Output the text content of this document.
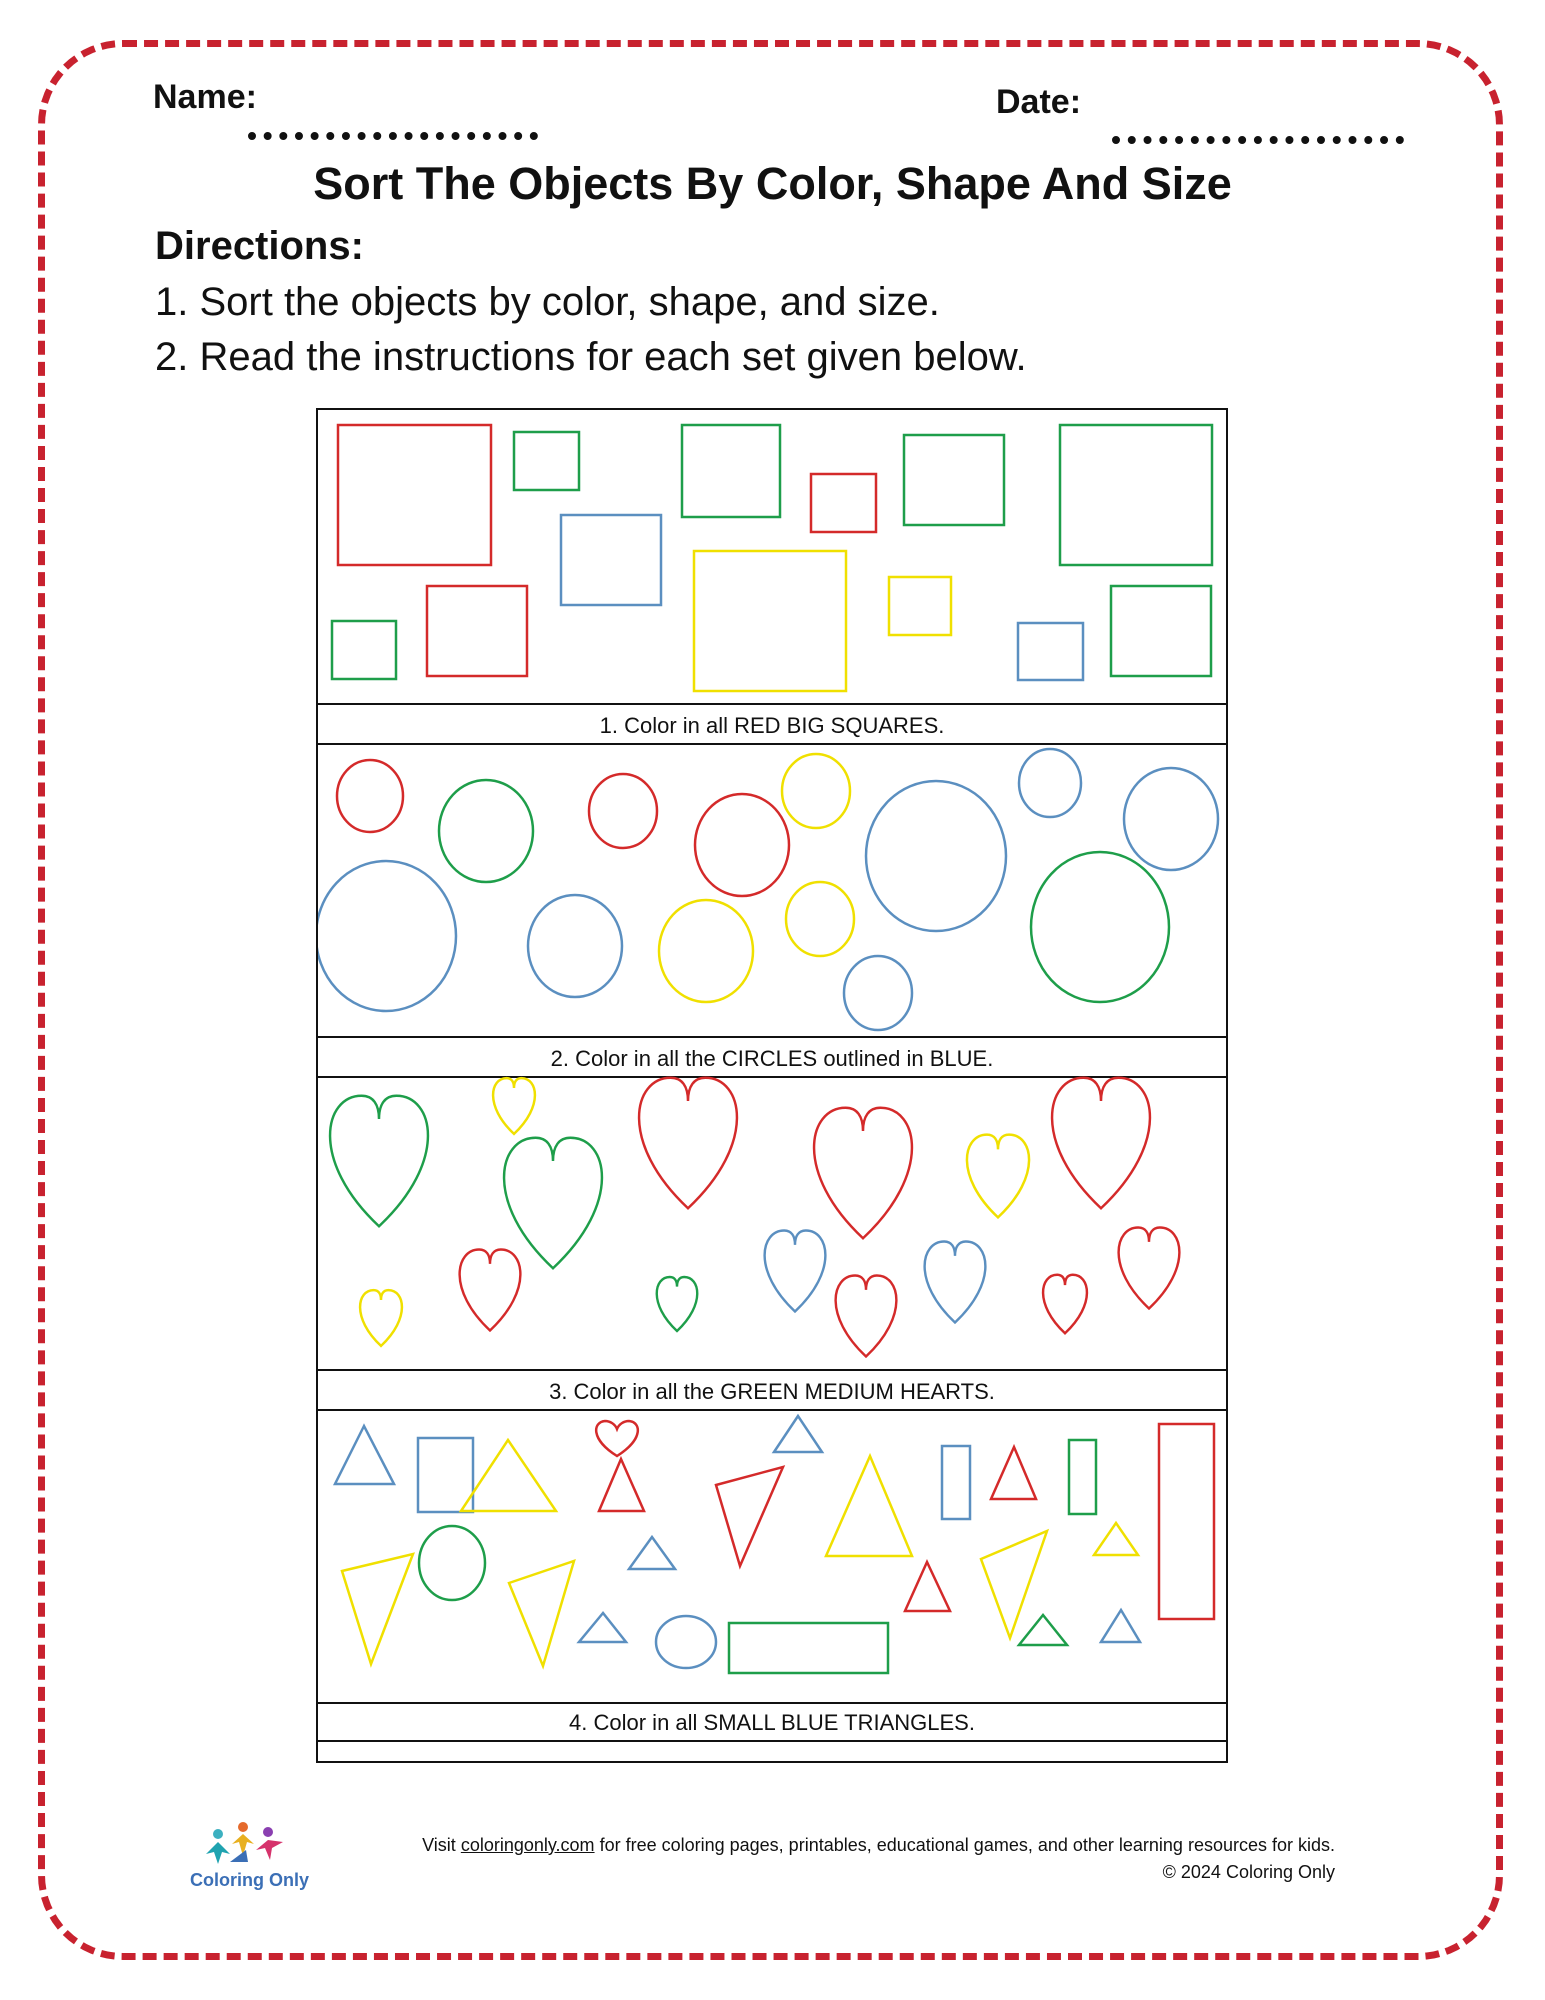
Name:	Date:
Sort The Objects By Color, Shape And Size
Directions:
1. Sort the objects by color, shape, and size.
2. Read the instructions for each set given below.
1. Color in all RED BIG SQUARES.
2. Color in all the CIRCLES outlined in BLUE.
3. Color in all the GREEN MEDIUM HEARTS.
4. Color in all SMALL BLUE TRIANGLES.
Coloring Only
Visit coloringonly.com for free coloring pages, printables, educational games, and other learning resources for kids.
© 2024 Coloring Only
